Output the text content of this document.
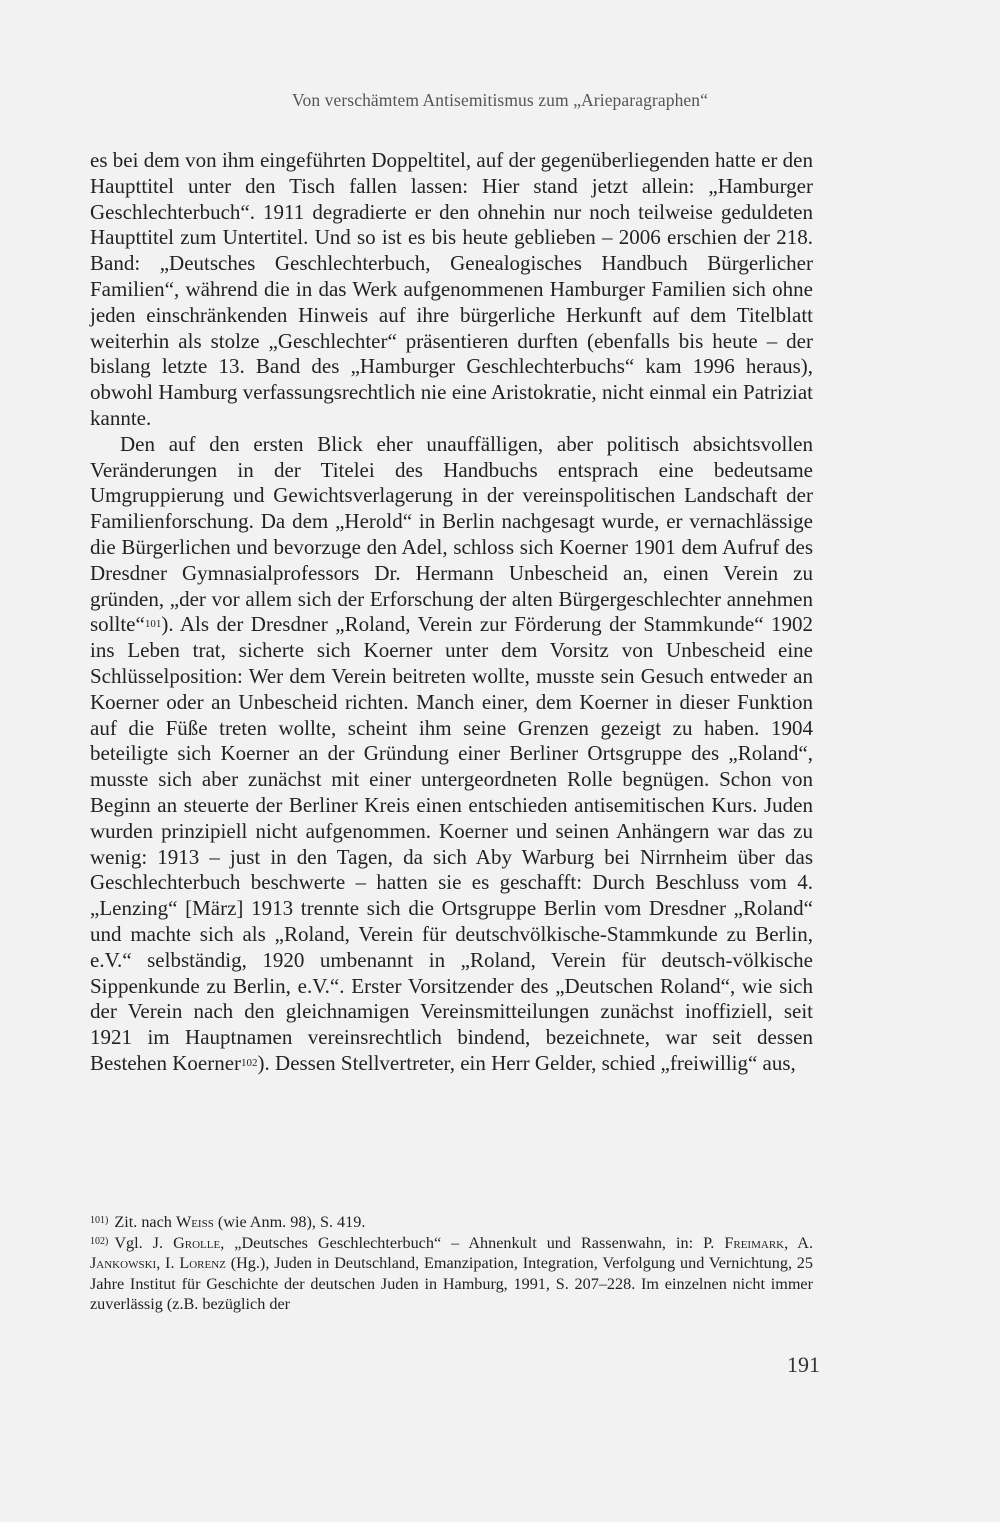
Von verschämtem Antisemitismus zum „Arieparagraphen“

es bei dem von ihm eingeführten Doppeltitel, auf der gegenüberliegenden hatte er den Haupttitel unter den Tisch fallen lassen: Hier stand jetzt allein: „Hamburger Geschlechterbuch“. 1911 degradierte er den ohnehin nur noch teilweise geduldeten Haupttitel zum Untertitel. Und so ist es bis heute geblieben – 2006 erschien der 218. Band: „Deutsches Geschlechterbuch, Genealogisches Handbuch Bürgerlicher Familien“, während die in das Werk aufgenommenen Hamburger Familien sich ohne jeden einschränkenden Hinweis auf ihre bürgerliche Herkunft auf dem Titelblatt weiterhin als stolze „Geschlechter“ präsentieren durften (ebenfalls bis heute – der bislang letzte 13. Band des „Hamburger Geschlechterbuchs“ kam 1996 heraus), obwohl Hamburg verfassungsrechtlich nie eine Aristokratie, nicht einmal ein Patriziat kannte.

Den auf den ersten Blick eher unauffälligen, aber politisch absichtsvollen Veränderungen in der Titelei des Handbuchs entsprach eine bedeutsame Umgruppierung und Gewichtsverlagerung in der vereinspolitischen Landschaft der Familienforschung. Da dem „Herold“ in Berlin nachgesagt wurde, er vernachlässige die Bürgerlichen und bevorzuge den Adel, schloss sich Koerner 1901 dem Aufruf des Dresdner Gymnasialprofessors Dr. Hermann Unbescheid an, einen Verein zu gründen, „der vor allem sich der Erforschung der alten Bürgergeschlechter annehmen sollte“101). Als der Dresdner „Roland, Verein zur Förderung der Stammkunde“ 1902 ins Leben trat, sicherte sich Koerner unter dem Vorsitz von Unbescheid eine Schlüsselposition: Wer dem Verein beitreten wollte, musste sein Gesuch entweder an Koerner oder an Unbescheid richten. Manch einer, dem Koerner in dieser Funktion auf die Füße treten wollte, scheint ihm seine Grenzen gezeigt zu haben. 1904 beteiligte sich Koerner an der Gründung einer Berliner Ortsgruppe des „Roland“, musste sich aber zunächst mit einer untergeordneten Rolle begnügen. Schon von Beginn an steuerte der Berliner Kreis einen entschieden antisemitischen Kurs. Juden wurden prinzipiell nicht aufgenommen. Koerner und seinen Anhängern war das zu wenig: 1913 – just in den Tagen, da sich Aby Warburg bei Nirrnheim über das Geschlechterbuch beschwerte – hatten sie es geschafft: Durch Beschluss vom 4. „Lenzing“ [März] 1913 trennte sich die Ortsgruppe Berlin vom Dresdner „Roland“ und machte sich als „Roland, Verein für deutschvölkische-Stammkunde zu Berlin, e.V.“ selbständig, 1920 umbenannt in „Roland, Verein für deutsch-völkische Sippenkunde zu Berlin, e.V.“. Erster Vorsitzender des „Deutschen Roland“, wie sich der Verein nach den gleichnamigen Vereinsmitteilungen zunächst inoffiziell, seit 1921 im Hauptnamen vereinsrechtlich bindend, bezeichnete, war seit dessen Bestehen Koerner102). Dessen Stellvertreter, ein Herr Gelder, schied „freiwillig“ aus,

$^{101)}$ Zit. nach Weiss (wie Anm. 98), S. 419.

$^{102)}$ Vgl. J. Grolle, „Deutsches Geschlechterbuch“ – Ahnenkult und Rassenwahn, in: P. Freimark, A. Jankowski, I. Lorenz (Hg.), Juden in Deutschland, Emanzipation, Integration, Verfolgung und Vernichtung, 25 Jahre Institut für Geschichte der deutschen Juden in Hamburg, 1991, S. 207–228. Im einzelnen nicht immer zuverlässig (z.B. bezüglich der

191
